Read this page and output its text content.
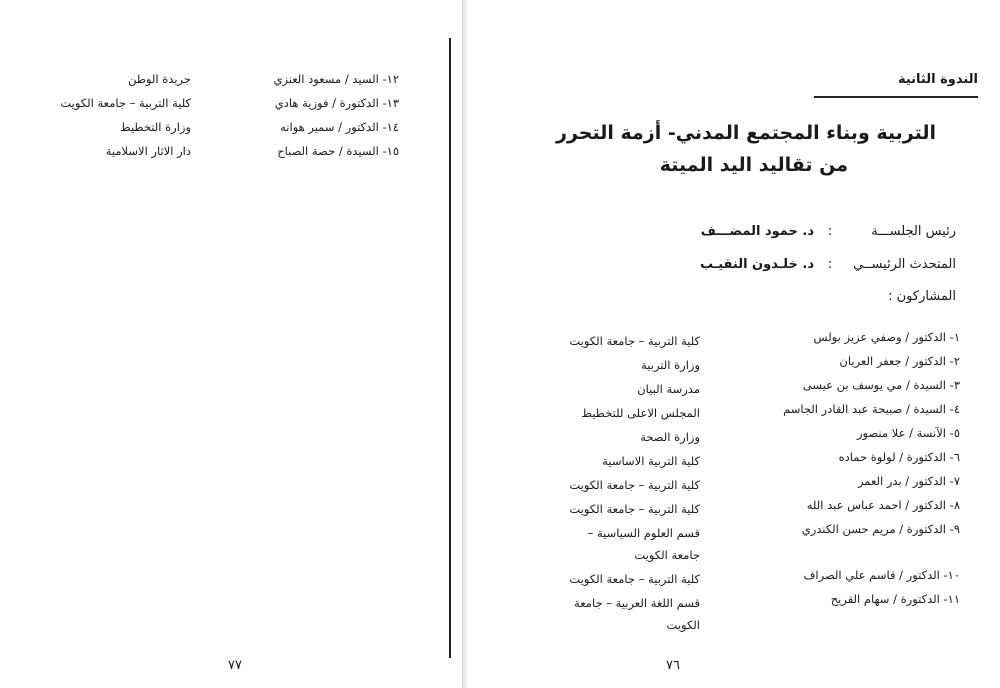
١٢- السيد / مسعود العنزي
جريدة الوطن
١٣- الدكتورة / فوزية هادي
كلية التربية – جامعة الكويت
١٤- الدكتور / سمير هوانه
وزارة التخطيط
١٥- السيدة / حصة الصباح
دار الاثار الاسلامية
٧٧
الندوة الثانية
التربية وبناء المجتمع المدني- أزمة التحرر
من تقاليد اليد الميتة
رئيس الجلســـة:د. حمود المضـــف
المتحدث الرئيســي:د. خلـدون النقيـب
المشاركون :
١- الدكتور / وصفي عزيز بولس
كلية التربية – جامعة الكويت
٢- الدكتور / جعفر العريان
وزارة التربية
٣- السيدة / مي يوسف بن عيسى
مدرسة البيان
٤- السيدة / صبيحة عبد القادر الجاسم
المجلس الاعلى للتخطيط
٥- الآنسة / علا منصور
وزارة الصحة
٦- الدكتورة / لولوة حماده
كلية التربية الاساسية
٧- الدكتور / بدر العمر
كلية التربية – جامعة الكويت
٨- الدكتور / احمد عباس عبد الله
كلية التربية – جامعة الكويت
٩- الدكتورة / مريم حسن الكندري
قسم العلوم السياسية – جامعة الكويت
١٠- الدكتور / قاسم علي الصراف
كلية التربية – جامعة الكويت
١١- الدكتورة / سهام القريح
قسم اللغة العربية – جامعة الكويت
٧٦
